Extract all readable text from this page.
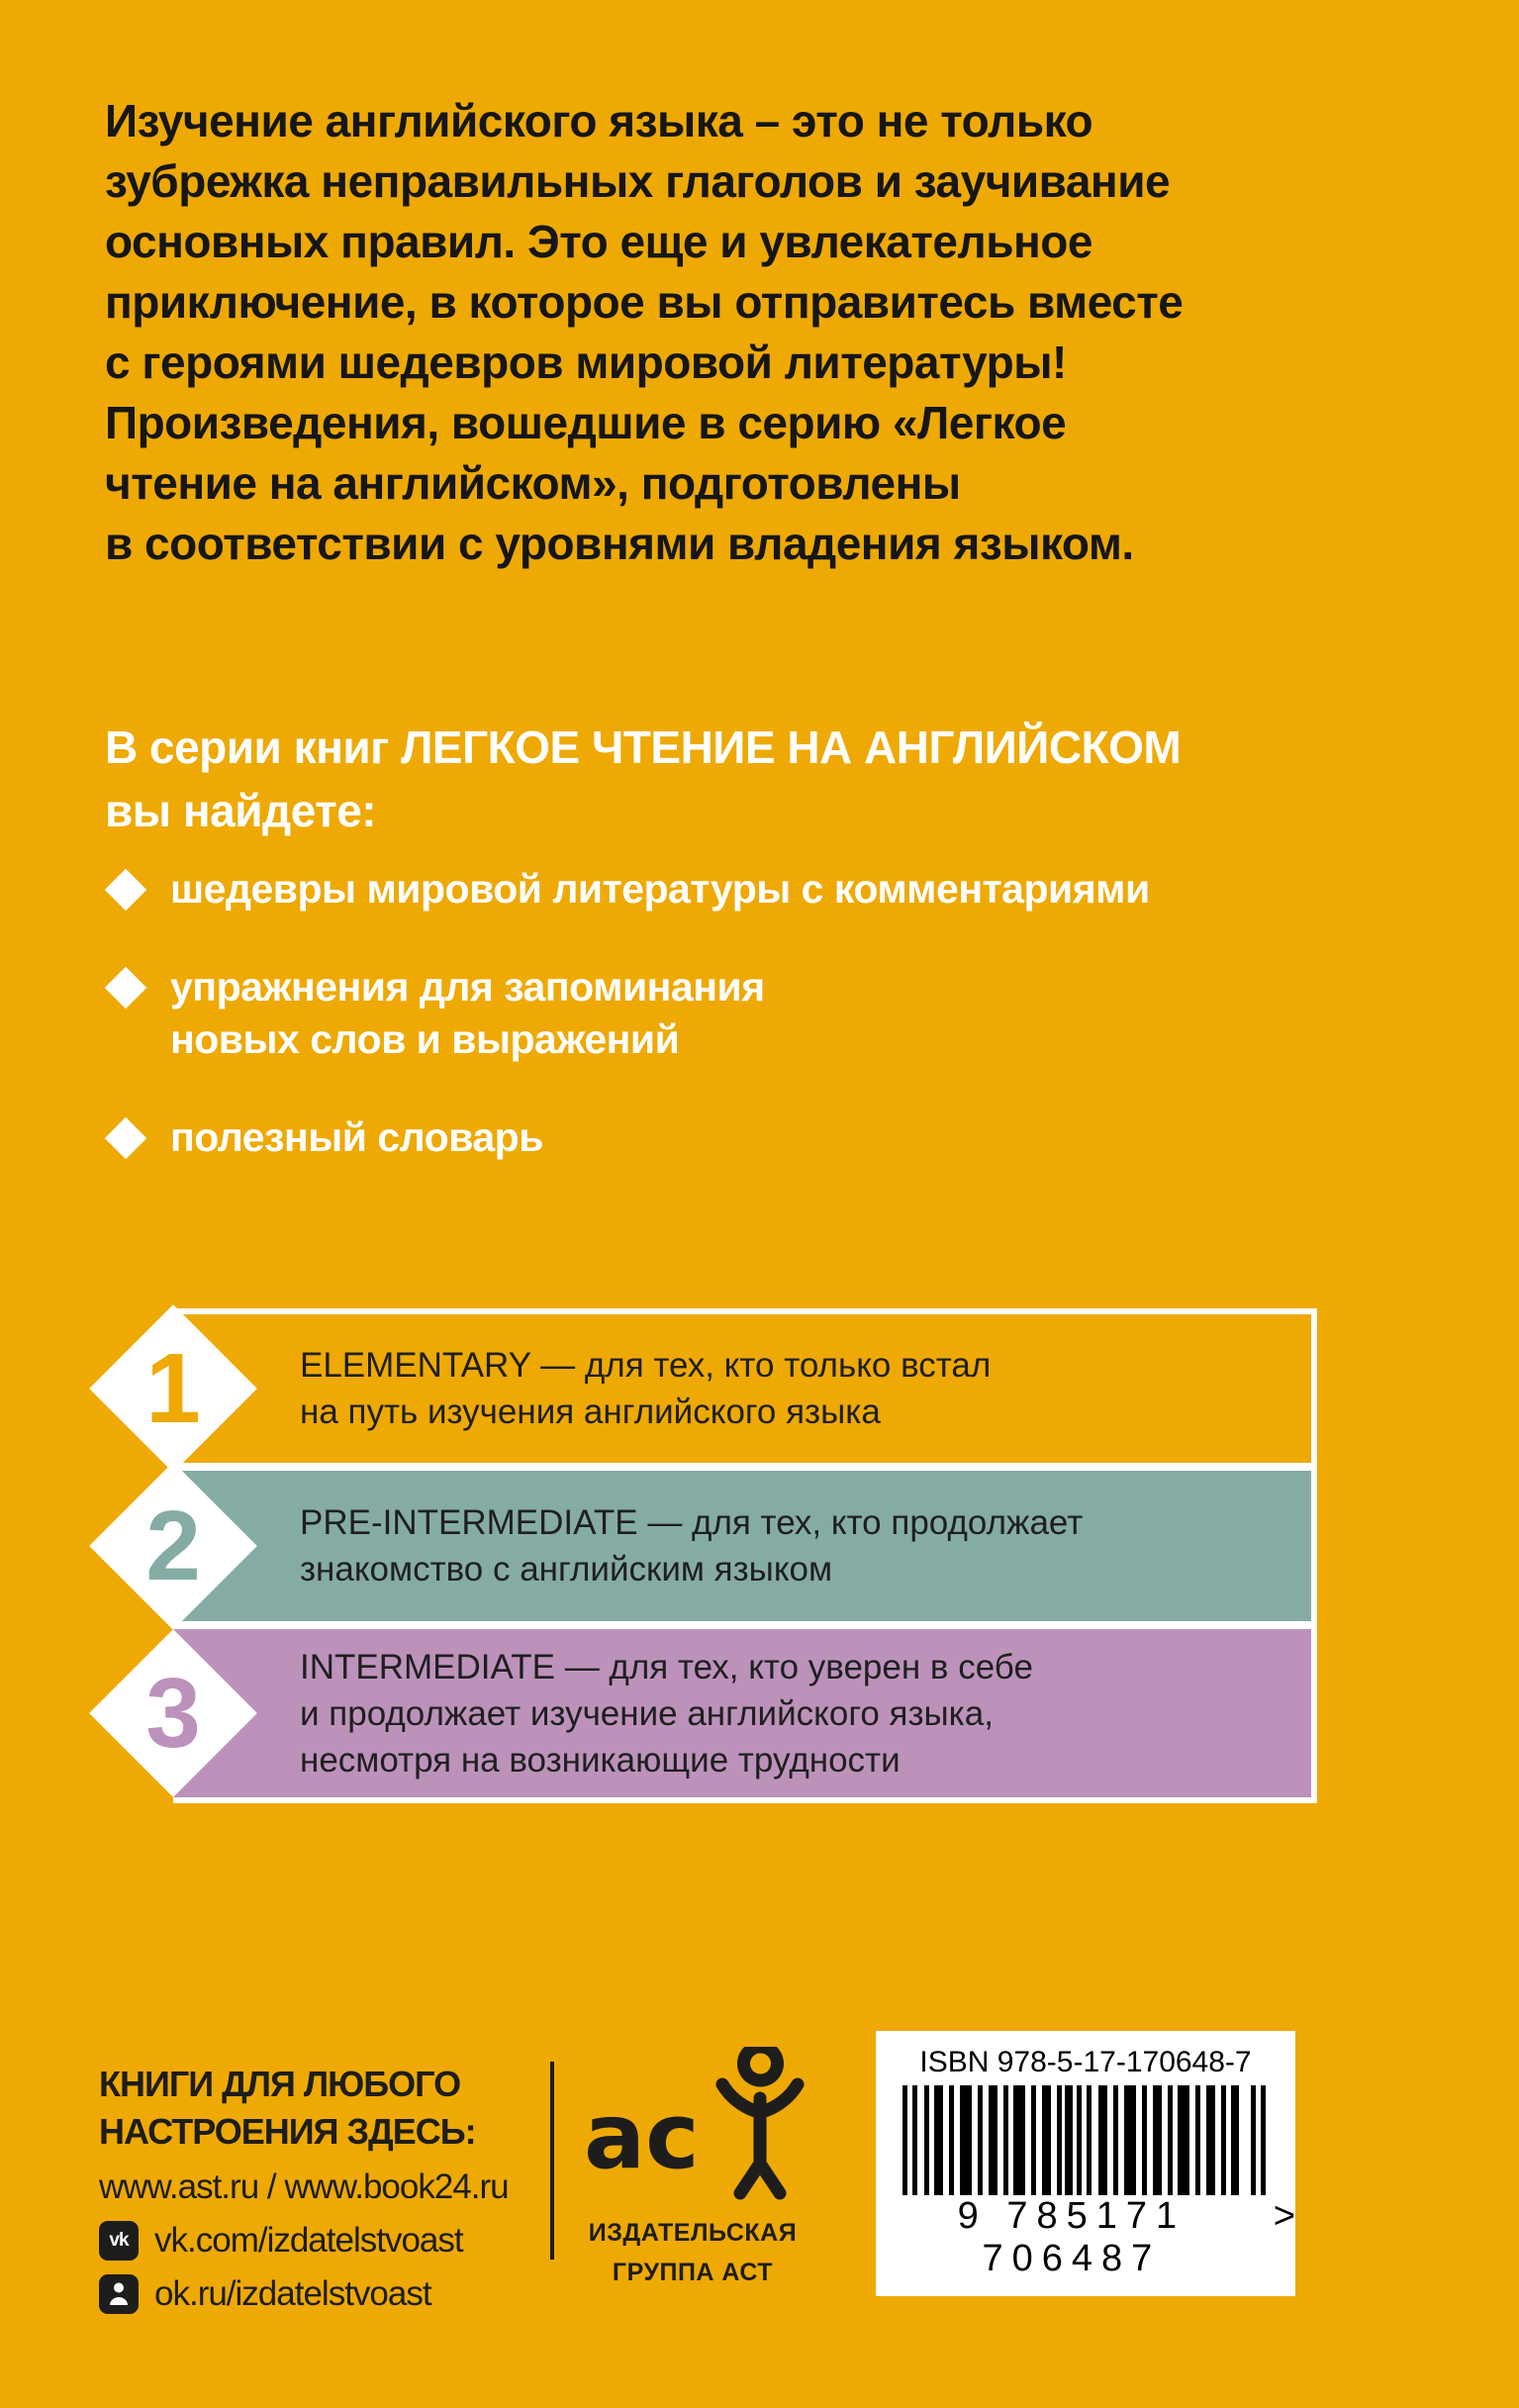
Изучение английского языка – это не только
зубрежка неправильных глаголов и заучивание
основных правил. Это еще и увлекательное
приключение, в которое вы отправитесь вместе
с героями шедевров мировой литературы!
Произведения, вошедшие в серию «Легкое
чтение на английском», подготовлены
в соответствии с уровнями владения языком.
В серии книг ЛЕГКОЕ ЧТЕНИЕ НА АНГЛИЙСКОМ
вы найдете:
шедевры мировой литературы с комментариями
упражнения для запоминания
новых слов и выражений
полезный словарь
1
2
3
ELEMENTARY — для тех, кто только встал
на путь изучения английского языка
PRE-INTERMEDIATE — для тех, кто продолжает
знакомство с английским языком
INTERMEDIATE — для тех, кто уверен в себе
и продолжает изучение английского языка,
несмотря на возникающие трудности
КНИГИ ДЛЯ ЛЮБОГО
НАСТРОЕНИЯ ЗДЕСЬ:
www.ast.ru / www.book24.ru
vk vk.com/izdatelstvoast
ok.ru/izdatelstvoast
ас
ИЗДАТЕЛЬСКАЯ
ГРУППА АСТ
ISBN 978-5-17-170648-7
9 785171 706487
>
